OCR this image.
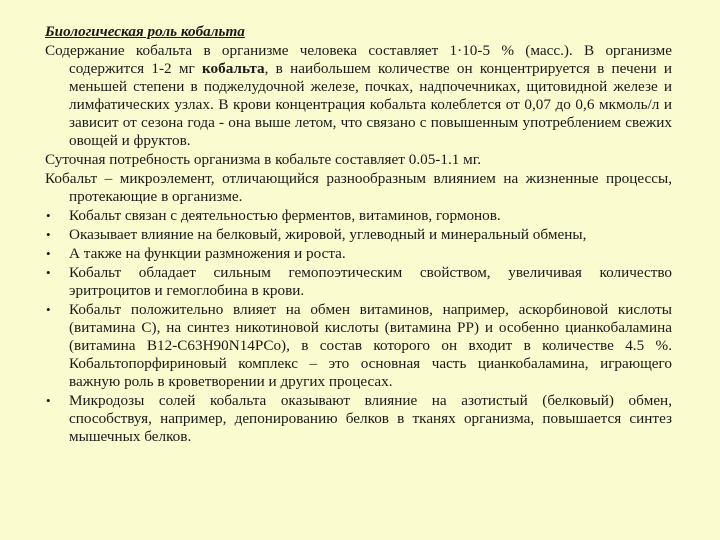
Биологическая роль кобальта
Содержание кобальта в организме человека составляет 1·10-5 % (масс.). В организме содержится 1-2 мг кобальта, в наибольшем количестве он концентрируется в печени и меньшей степени в поджелудочной железе, почках, надпочечниках, щитовидной железе и лимфатических узлах. В крови концентрация кобальта колеблется от 0,07 до 0,6 мкмоль/л и зависит от сезона года - она выше летом, что связано с повышенным употреблением свежих овощей и фруктов.
Суточная потребность организма в кобальте составляет 0.05-1.1 мг.
Кобальт – микроэлемент, отличающийся разнообразным влиянием на жизненные процессы, протекающие в организме.
• Кобальт связан с деятельностью ферментов, витаминов, гормонов.
• Оказывает влияние на белковый, жировой, углеводный и минеральный обмены,
• А также на функции размножения и роста.
• Кобальт обладает сильным гемопоэтическим свойством, увеличивая количество эритроцитов и гемоглобина в крови.
• Кобальт положительно влияет на обмен витаминов, например, аскорбиновой кислоты (витамина С), на синтез никотиновой кислоты (витамина РР) и особенно цианкобаламина (витамина В12-С63Н90N14PCo), в состав которого он входит в количестве 4.5 %. Кобальтопорфириновый комплекс – это основная часть цианкобаламина, играющего важную роль в кроветворении и других процесах.
• Микродозы солей кобальта оказывают влияние на азотистый (белковый) обмен, способствуя, например, депонированию белков в тканях организма, повышается синтез мышечных белков.
